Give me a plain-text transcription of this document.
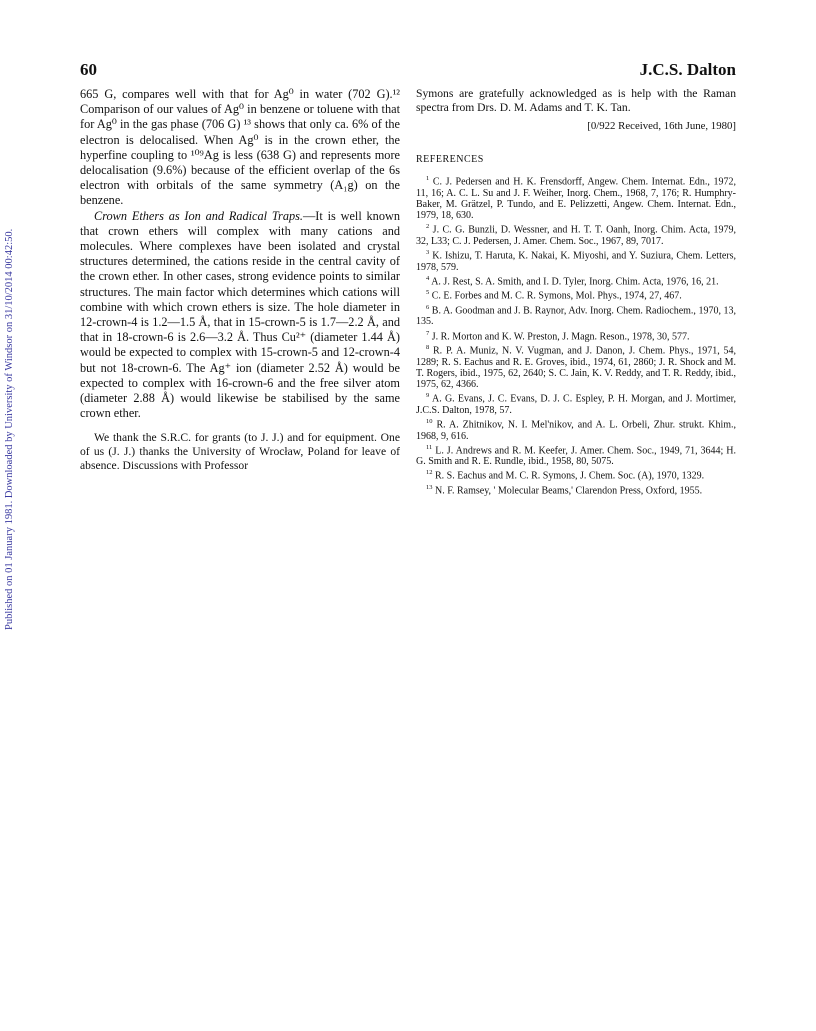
60	J.C.S. Dalton
Published on 01 January 1981. Downloaded by University of Windsor on 31/10/2014 00:42:50.

665 G, compares well with that for Ag⁰ in water (702 G).¹² Comparison of our values of Ag⁰ in benzene or toluene with that for Ag⁰ in the gas phase (706 G) ¹³ shows that only ca. 6% of the electron is delocalised. When Ag⁰ is in the crown ether, the hyperfine coupling to ¹⁰⁹Ag is less (638 G) and represents more delocalisation (9.6%) because of the efficient overlap of the 6s electron with orbitals of the same symmetry (A₁g) on the benzene.

Crown Ethers as Ion and Radical Traps.—It is well known that crown ethers will complex with many cations and molecules. Where complexes have been isolated and crystal structures determined, the cations reside in the central cavity of the crown ether. In other cases, strong evidence points to similar structures. The main factor which determines which cations will combine with which crown ethers is size. The hole diameter in 12-crown-4 is 1.2—1.5 Å, that in 15-crown-5 is 1.7—2.2 Å, and that in 18-crown-6 is 2.6—3.2 Å. Thus Cu²⁺ (diameter 1.44 Å) would be expected to complex with 15-crown-5 and 12-crown-4 but not 18-crown-6. The Ag⁺ ion (diameter 2.52 Å) would be expected to complex with 16-crown-6 and the free silver atom (diameter 2.88 Å) would likewise be stabilised by the same crown ether.

We thank the S.R.C. for grants (to J. J.) and for equipment. One of us (J. J.) thanks the University of Wrocław, Poland for leave of absence. Discussions with Professor

Symons are gratefully acknowledged as is help with the Raman spectra from Drs. D. M. Adams and T. K. Tan.

[0/922 Received, 16th June, 1980]
REFERENCES

$^1$ C. J. Pedersen and H. K. Frensdorff, Angew. Chem. Internat. Edn., 1972, 11, 16; A. C. L. Su and J. F. Weiher, Inorg. Chem., 1968, 7, 176; R. Humphry-Baker, M. Grätzel, P. Tundo, and E. Pelizzetti, Angew. Chem. Internat. Edn., 1979, 18, 630.

$^2$ J. C. G. Bunzli, D. Wessner, and H. T. T. Oanh, Inorg. Chim. Acta, 1979, 32, L33; C. J. Pedersen, J. Amer. Chem. Soc., 1967, 89, 7017.

$^3$ K. Ishizu, T. Haruta, K. Nakai, K. Miyoshi, and Y. Suziura, Chem. Letters, 1978, 579.

$^4$ A. J. Rest, S. A. Smith, and I. D. Tyler, Inorg. Chim. Acta, 1976, 16, 21.

$^5$ C. E. Forbes and M. C. R. Symons, Mol. Phys., 1974, 27, 467.

$^6$ B. A. Goodman and J. B. Raynor, Adv. Inorg. Chem. Radiochem., 1970, 13, 135.

$^7$ J. R. Morton and K. W. Preston, J. Magn. Reson., 1978, 30, 577.

$^8$ R. P. A. Muniz, N. V. Vugman, and J. Danon, J. Chem. Phys., 1971, 54, 1289; R. S. Eachus and R. E. Groves, ibid., 1974, 61, 2860; J. R. Shock and M. T. Rogers, ibid., 1975, 62, 2640; S. C. Jain, K. V. Reddy, and T. R. Reddy, ibid., 1975, 62, 4366.

$^9$ A. G. Evans, J. C. Evans, D. J. C. Espley, P. H. Morgan, and J. Mortimer, J.C.S. Dalton, 1978, 57.

$^{10}$ R. A. Zhitnikov, N. I. Mel'nikov, and A. L. Orbeli, Zhur. strukt. Khim., 1968, 9, 616.

$^{11}$ L. J. Andrews and R. M. Keefer, J. Amer. Chem. Soc., 1949, 71, 3644; H. G. Smith and R. E. Rundle, ibid., 1958, 80, 5075.

$^{12}$ R. S. Eachus and M. C. R. Symons, J. Chem. Soc. (A), 1970, 1329.

$^{13}$ N. F. Ramsey, ' Molecular Beams,' Clarendon Press, Oxford, 1955.
